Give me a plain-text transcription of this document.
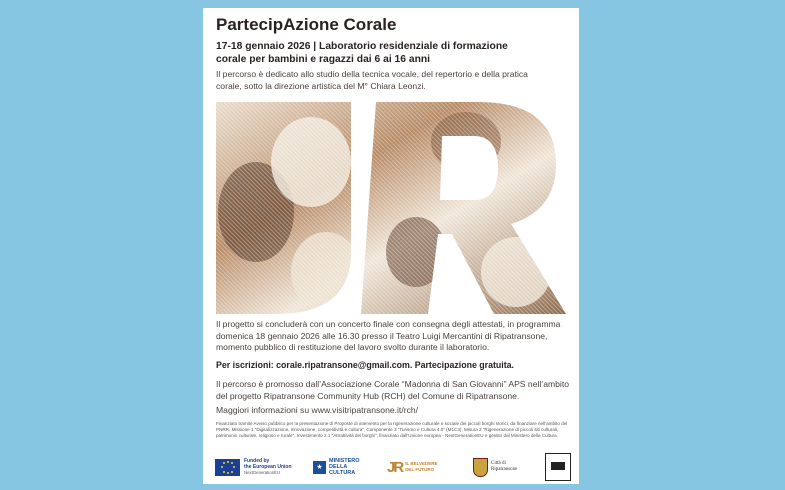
PartecipAzione Corale
17-18 gennaio 2026 | Laboratorio residenziale di formazione
corale per bambini e ragazzi dai 6 ai 16 anni
Il percorso è dedicato allo studio della tecnica vocale, del repertorio e della pratica
corale, sotto la direzione artistica del M° Chiara Leonzi.
Il progetto si concluderà con un concerto finale con consegna degli attestati, in programma
domenica 18 gennaio 2026 alle 16.30 presso il Teatro Luigi Mercantini di Ripatransone,
momento pubblico di restituzione del lavoro svolto durante il laboratorio.
Per iscrizioni: corale.ripatransone@gmail.com. Partecipazione gratuita.
Il percorso è promosso dall’Associazione Corale “Madonna di San Giovanni” APS nell’ambito
del progetto Ripatransone Community Hub (RCH) del Comune di Ripatransone.
Maggiori informazioni su www.visitripatransone.it/rch/
Finanziato tramite Avviso pubblico per la presentazione di Proposte di intervento per la rigenerazione culturale e sociale dei piccoli borghi storici, da finanziare nell’ambito del PNRR, Missione 1 “Digitalizzazione, innovazione, competitività e cultura”, Componente 3 “Turismo e Cultura 4.0” (M1C3), Misura 2 “Rigenerazione di piccoli siti culturali, patrimonio culturale, religioso e rurale”, Investimento 2.1 “Attrattività dei borghi”, finanziato dall’Unione europea - NextGenerationEU e gestito dal Ministero della Cultura.
Funded by
the European Union
NextGenerationEU
★
MINISTERO
DELLA
CULTURA JR IL BELVEDERE
DEL FUTURO
Città di
Ripatransone
